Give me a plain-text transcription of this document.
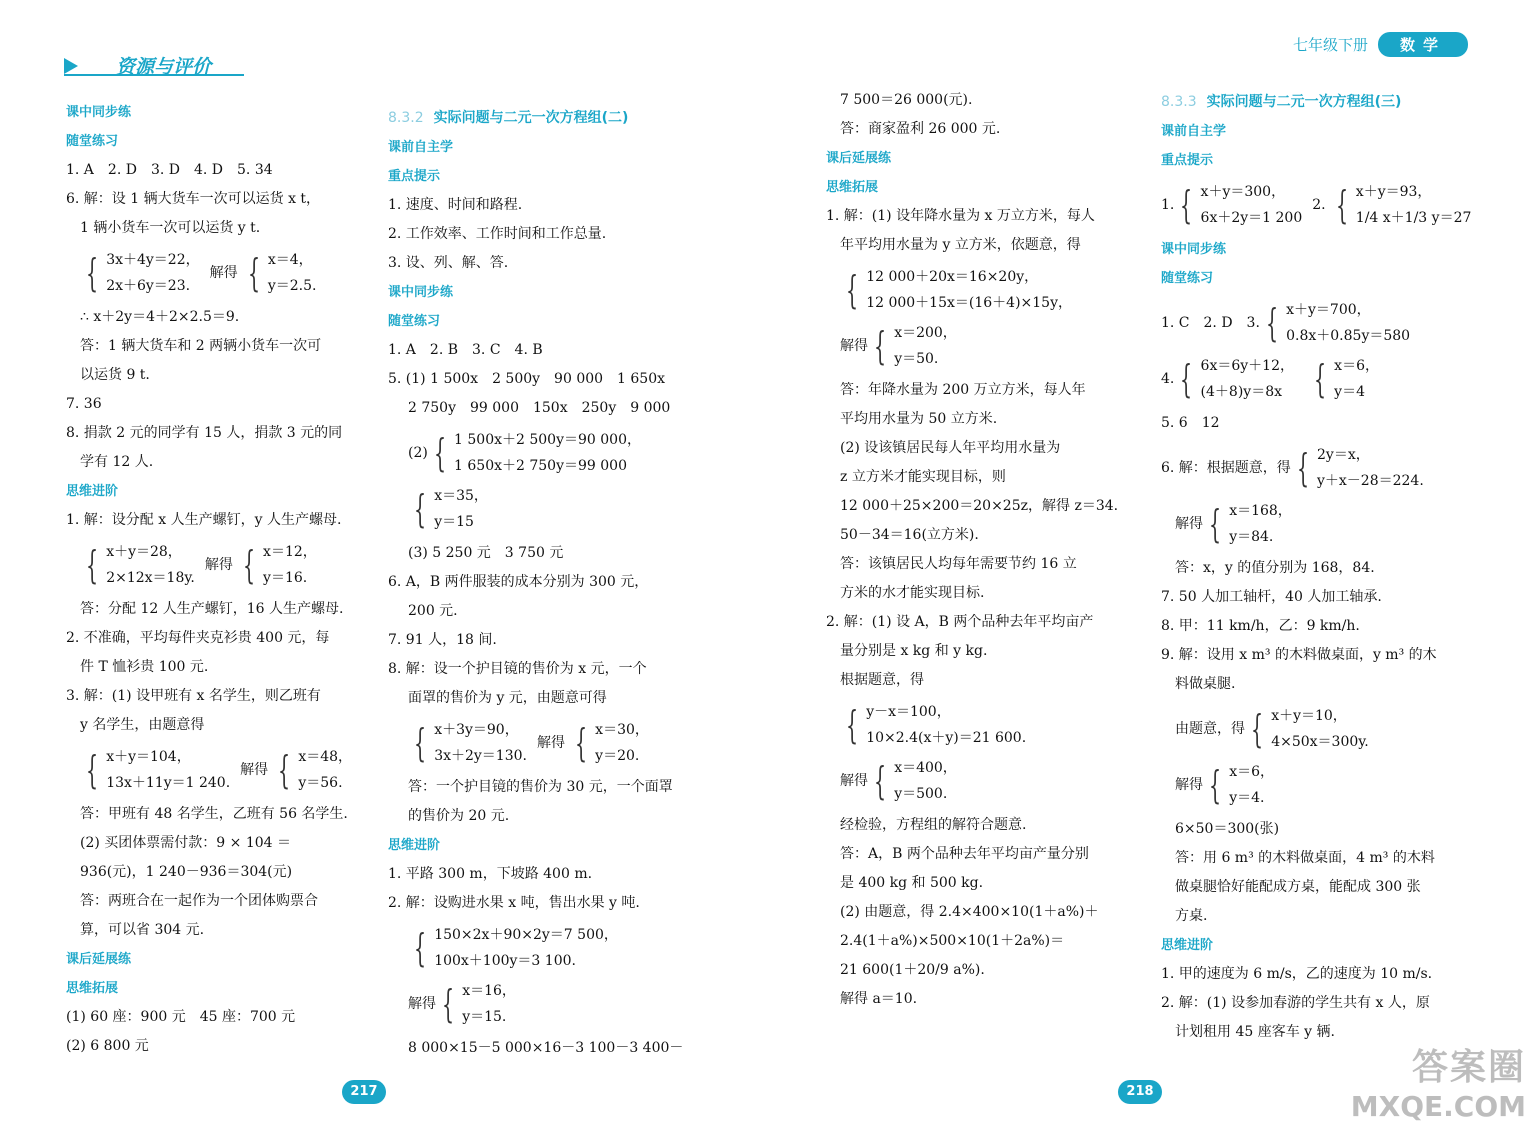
资源与评价
课中同步练
随堂练习
1. A　2. D　3. D　4. D　5. 34
6. 解：设 1 辆大货车一次可以运货 x t，
1 辆小货车一次可以运货 y t.
{ 3x＋4y＝22，
2x＋6y＝23.
解得 { x＝4，
y＝2.5.
∴ x＋2y＝4＋2×2.5＝9.
答：1 辆大货车和 2 两辆小货车一次可
以运货 9 t.
7. 36
8. 捐款 2 元的同学有 15 人，捐款 3 元的同
学有 12 人.
思维进阶
1. 解：设分配 x 人生产螺钉，y 人生产螺母.
{ x＋y＝28，
2×12x＝18y.
解得 { x＝12，
y＝16.
答：分配 12 人生产螺钉，16 人生产螺母.
2. 不准确，平均每件夹克衫贵 400 元，每
件 T 恤衫贵 100 元.
3. 解：(1) 设甲班有 x 名学生，则乙班有
y 名学生，由题意得
{ x＋y＝104，
13x＋11y＝1 240.
解得 { x＝48，
y＝56.
答：甲班有 48 名学生，乙班有 56 名学生.
(2) 买团体票需付款：9 × 104 ＝
936(元)，1 240－936＝304(元)
答：两班合在一起作为一个团体购票合
算，可以省 304 元.
课后延展练
思维拓展
(1) 60 座：900 元　45 座：700 元
(2) 6 800 元
8.3.2 实际问题与二元一次方程组(二)
课前自主学
重点提示
1. 速度、时间和路程.
2. 工作效率、工作时间和工作总量.
3. 设、列、解、答.
课中同步练
随堂练习
1. A　2. B　3. C　4. B
5. (1) 1 500x　2 500y　90 000　1 650x
2 750y　99 000　150x　250y　9 000
(2) { 1 500x＋2 500y＝90 000，
1 650x＋2 750y＝99 000
{ x＝35，
y＝15
(3) 5 250 元　3 750 元
6. A，B 两件服装的成本分别为 300 元，
200 元.
7. 91 人，18 间.
8. 解：设一个护目镜的售价为 x 元，一个
面罩的售价为 y 元，由题意可得
{ x＋3y＝90，
3x＋2y＝130.
解得 { x＝30，
y＝20.
答：一个护目镜的售价为 30 元，一个面罩
的售价为 20 元.
思维进阶
1. 平路 300 m，下坡路 400 m.
2. 解：设购进水果 x 吨，售出水果 y 吨.
{ 150×2x＋90×2y＝7 500，
100x＋100y＝3 100.
解得 { x＝16，
y＝15.
8 000×15－5 000×16－3 100－3 400－
217
七年级下册	数学
7 500＝26 000(元).
答：商家盈利 26 000 元.
课后延展练
思维拓展
1. 解：(1) 设年降水量为 x 万立方米，每人
年平均用水量为 y 立方米，依题意，得
{ 12 000＋20x＝16×20y，
12 000＋15x＝(16＋4)×15y，
解得 { x＝200，
y＝50.
答：年降水量为 200 万立方米，每人年
平均用水量为 50 立方米.
(2) 设该镇居民每人年平均用水量为
z 立方米才能实现目标，则
12 000＋25×200＝20×25z，解得 z＝34.
50－34＝16(立方米).
答：该镇居民人均每年需要节约 16 立
方米的水才能实现目标.
2. 解：(1) 设 A，B 两个品种去年平均亩产
量分别是 x kg 和 y kg.
根据题意，得
{ y－x＝100，
10×2.4(x＋y)＝21 600.
解得 { x＝400，
y＝500.
经检验，方程组的解符合题意.
答：A，B 两个品种去年平均亩产量分别
是 400 kg 和 500 kg.
(2) 由题意，得 2.4×400×10(1＋a%)＋
2.4(1＋a%)×500×10(1＋2a%)＝
21 600(1＋20/9 a%).
解得 a＝10.
8.3.3 实际问题与二元一次方程组(三)
课前自主学
重点提示
1. { x＋y＝300，
6x＋2y＝1 200
2. { x＋y＝93，
1/4 x＋1/3 y＝27
课中同步练
随堂练习
1. C　2. D　3. { x＋y＝700，
0.8x＋0.85y＝580
4. { 6x＝6y＋12，
(4＋8)y＝8x { x＝6，
y＝4
5. 6　12
6. 解：根据题意，得 { 2y＝x，
y＋x－28＝224.
解得 { x＝168，
y＝84.
答：x，y 的值分别为 168，84.
7. 50 人加工轴杆，40 人加工轴承.
8. 甲：11 km/h，乙：9 km/h.
9. 解：设用 x m³ 的木料做桌面，y m³ 的木
料做桌腿.
由题意，得 { x＋y＝10，
4×50x＝300y.
解得 { x＝6，
y＝4.
6×50＝300(张)
答：用 6 m³ 的木料做桌面，4 m³ 的木料
做桌腿恰好能配成方桌，能配成 300 张
方桌.
思维进阶
1. 甲的速度为 6 m/s，乙的速度为 10 m/s.
2. 解：(1) 设参加春游的学生共有 x 人，原
计划租用 45 座客车 y 辆.
218
答案圈
MXQE.COM
